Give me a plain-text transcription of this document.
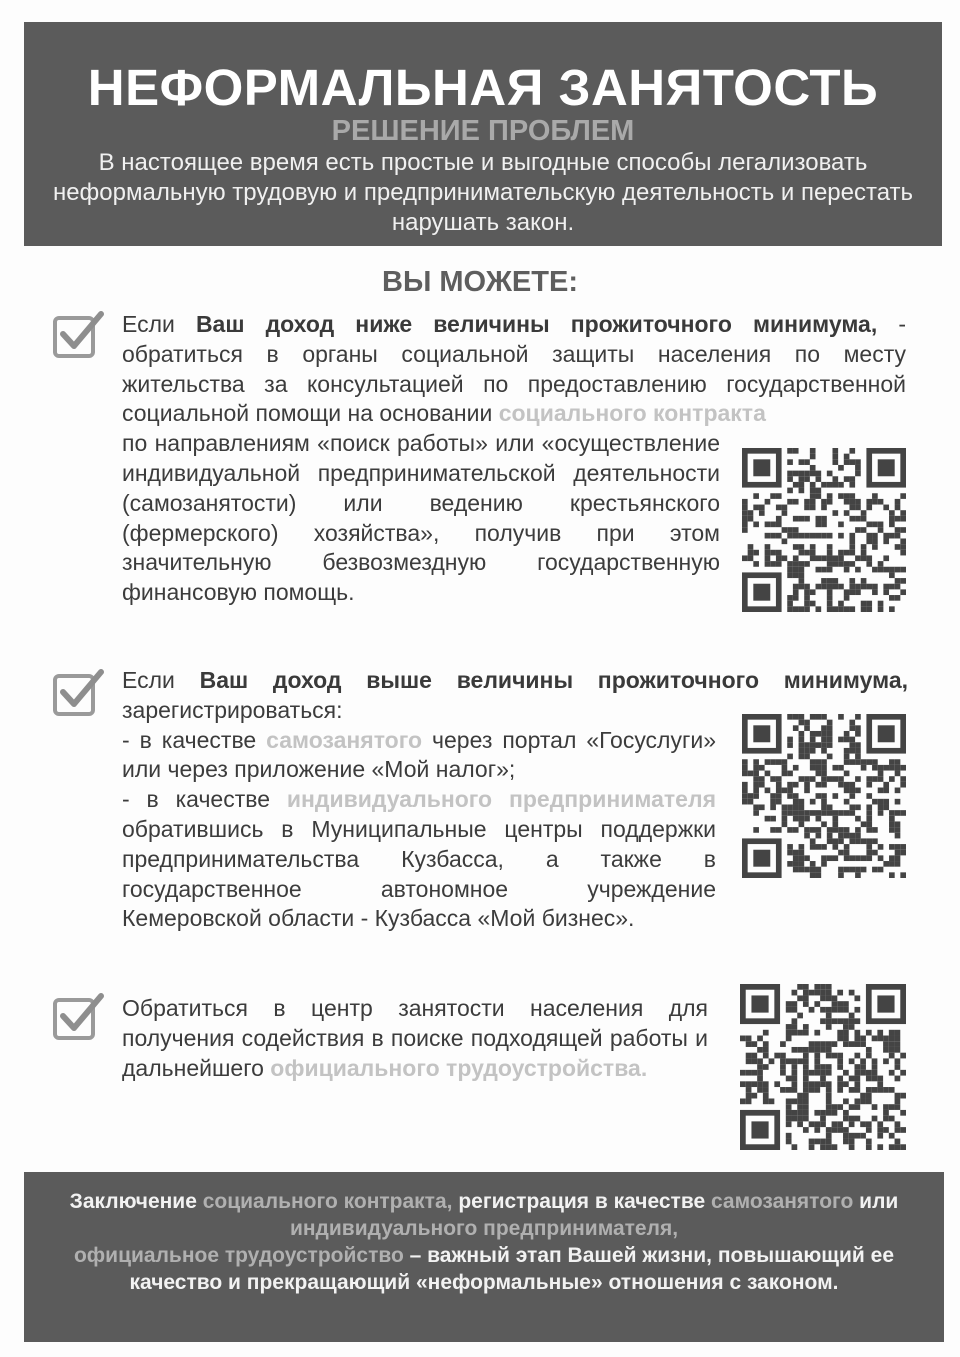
НЕФОРМАЛЬНАЯ ЗАНЯТОСТЬ
РЕШЕНИЕ ПРОБЛЕМ
В настоящее время есть простые и выгодные способы легализовать неформальную трудовую и предпринимательскую деятельность и перестать нарушать закон.
ВЫ МОЖЕТЕ:
Если Ваш доход ниже величины прожиточного минимума, - обратиться в органы социальной защиты населения по месту жительства за консультацией по предоставлению государственной социальной помощи на основании социального контракта
по направлениям «поиск работы» или «осуществление индивидуальной предпринимательской деятельности (самозанятости) или ведению крестьянского (фермерского) хозяйства», получив при этом значительную безвозмездную государственную финансовую помощь.
Если Ваш доход выше величины прожиточного минимума, зарегистрироваться:
- в качестве самозанятого через портал «Госуслуги» или через приложение «Мой налог»;
- в качестве индивидуального предпринимателя обратившись в Муниципальные центры поддержки предпринимательства Кузбасса, а также в государственное автономное учреждение Кемеровской области - Кузбасса «Мой бизнес».
Обратиться в центр занятости населения для получения содействия в поиске подходящей работы и дальнейшего официального трудоустройства.
Заключение социального контракта, регистрация в качестве самозанятого или индивидуального предпринимателя,
официальное трудоустройство – важный этап Вашей жизни, повышающий ее качество и прекращающий «неформальные» отношения с законом.
